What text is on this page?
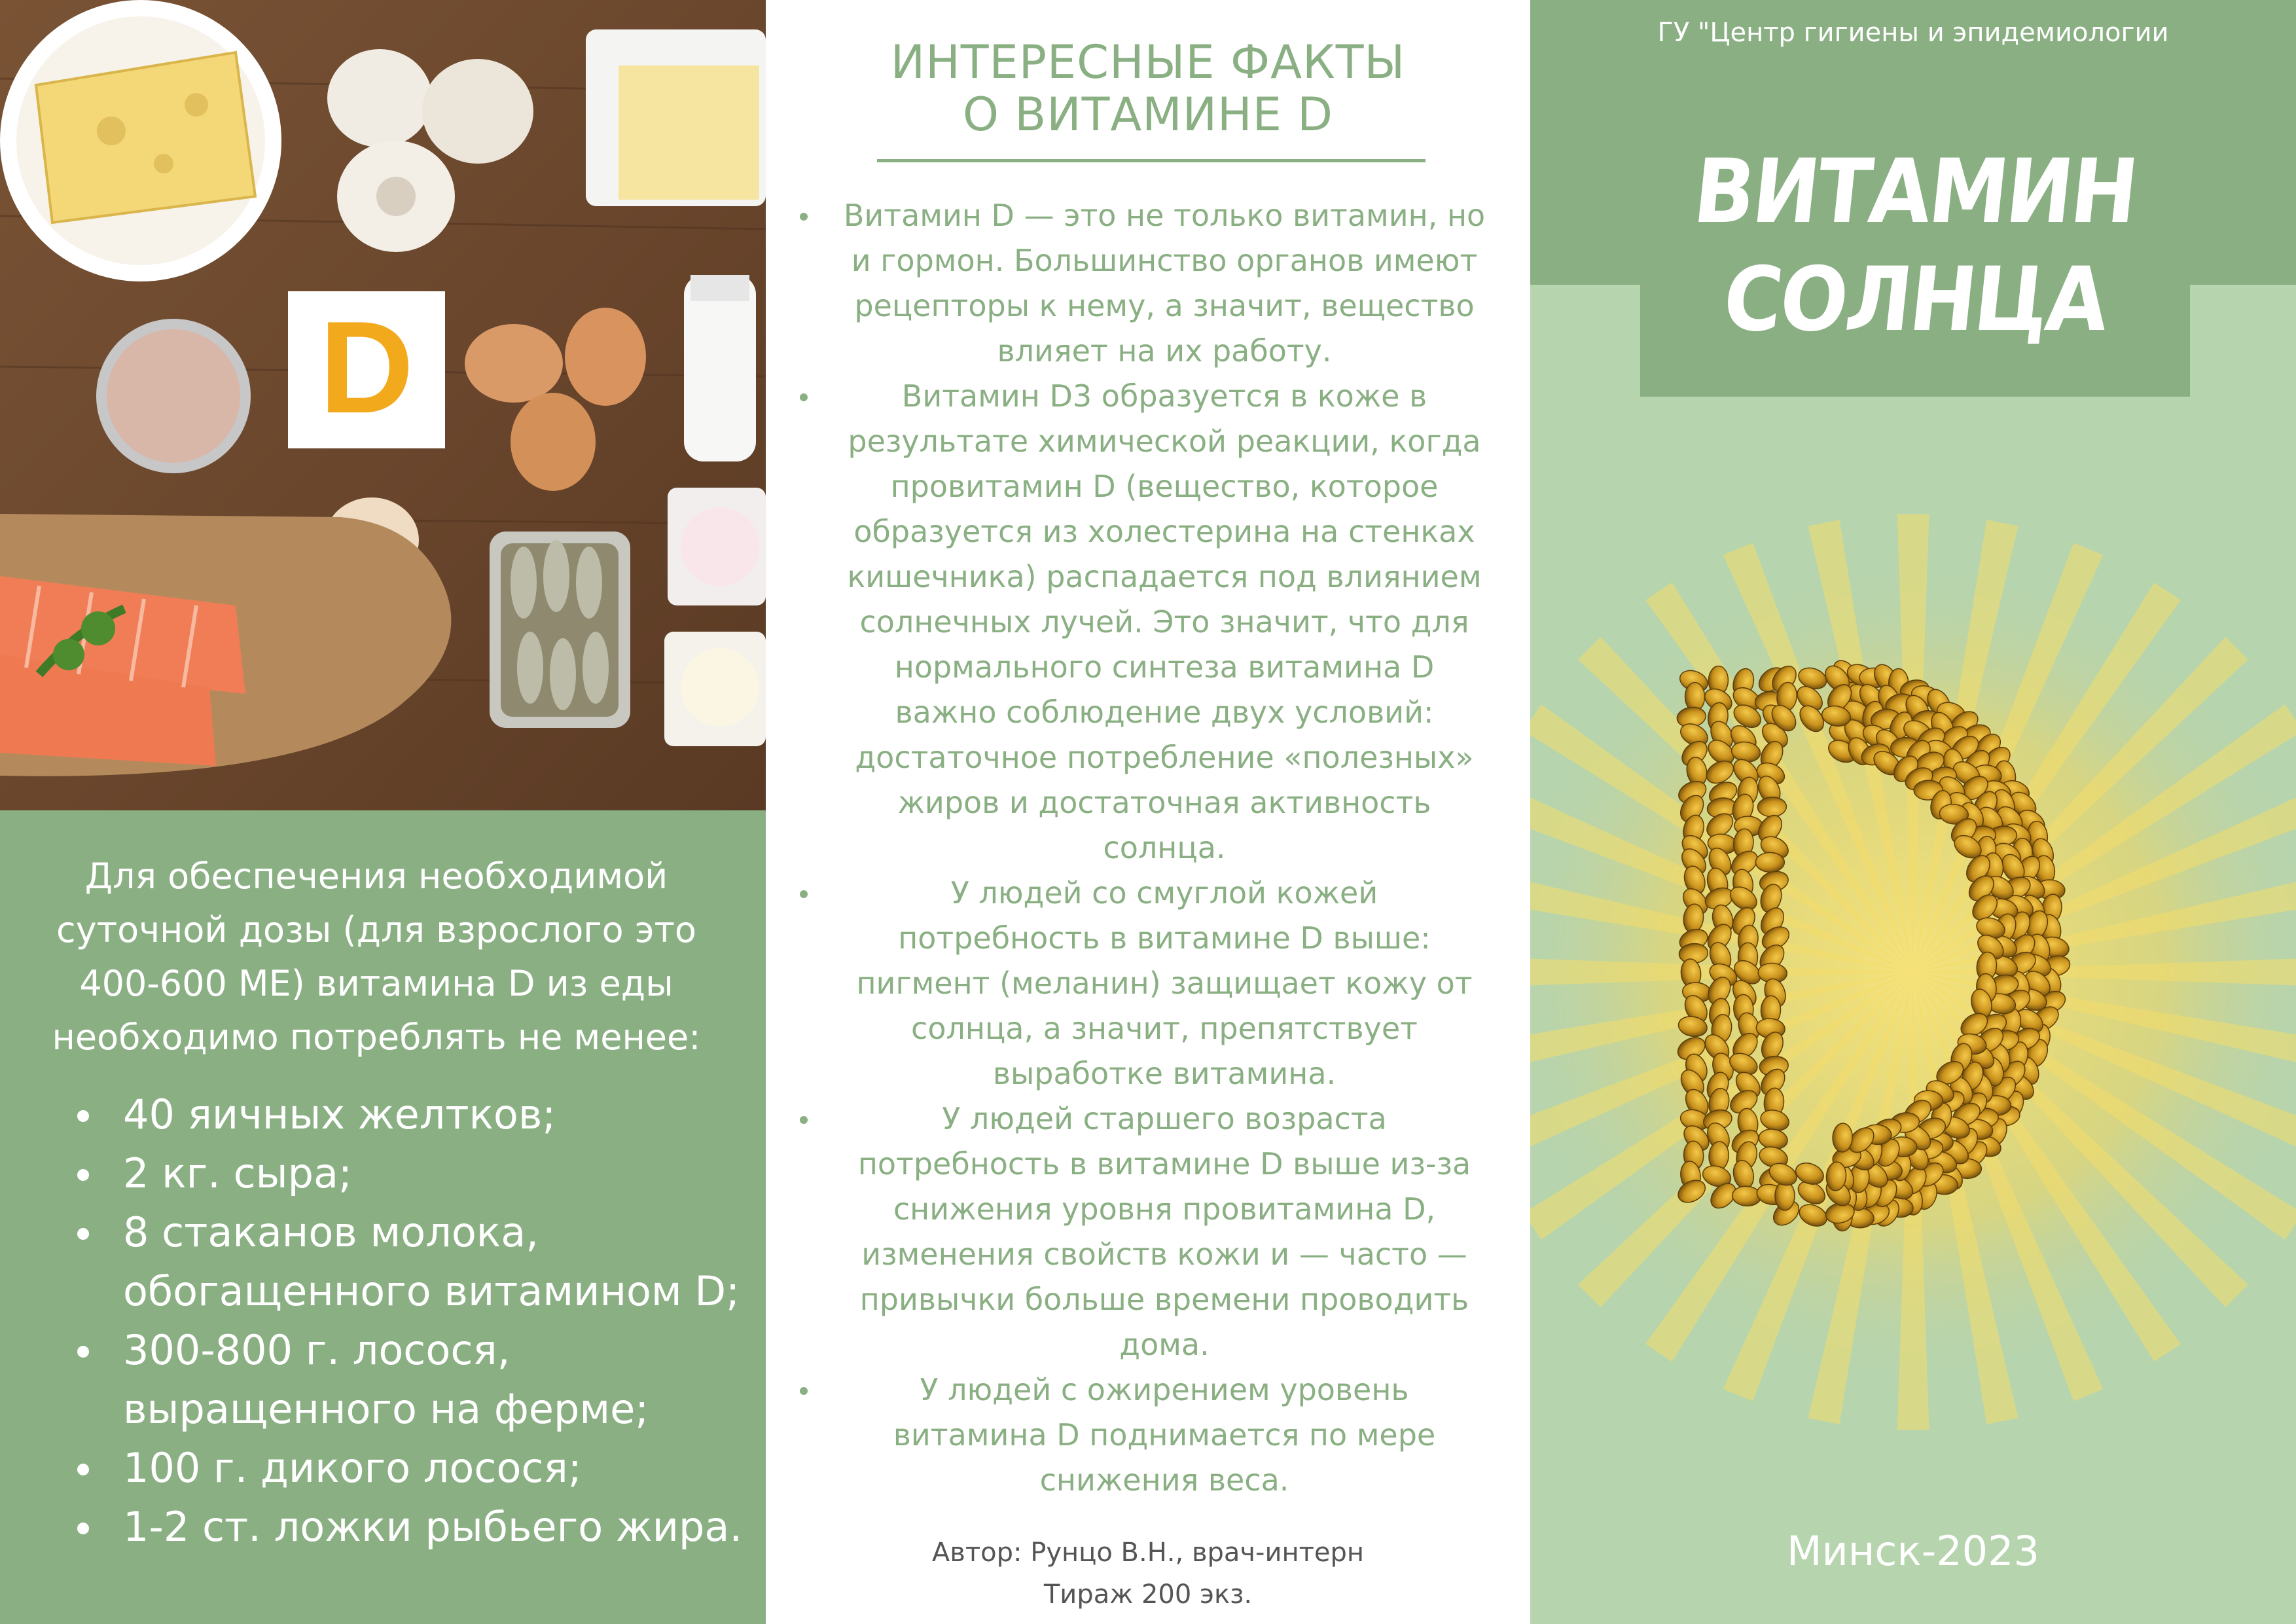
D
Для обеспечения необходимой
суточной дозы (для взрослого это
400-600 МЕ) витамина D из еды
необходимо потреблять не менее:
40 яичных желтков;
2 кг. сыра;
8 стаканов молока,
обогащенного витамином D;
300-800 г. лосося,
выращенного на ферме;
100 г. дикого лосося;
1-2 ст. ложки рыбьего жира.
ИНТЕРЕСНЫЕ ФАКТЫ
О ВИТАМИНЕ D
Витамин D — это не только витамин, но
и гормон. Большинство органов имеют
рецепторы к нему, а значит, вещество
влияет на их работу.
Витамин D3 образуется в коже в
результате химической реакции, когда
провитамин D (вещество, которое
образуется из холестерина на стенках
кишечника) распадается под влиянием
солнечных лучей. Это значит, что для
нормального синтеза витамина D
важно соблюдение двух условий:
достаточное потребление «полезных»
жиров и достаточная активность
солнца.
У людей со смуглой кожей
потребность в витамине D выше:
пигмент (меланин) защищает кожу от
солнца, а значит, препятствует
выработке витамина.
У людей старшего возраста
потребность в витамине D выше из-за
снижения уровня провитамина D,
изменения свойств кожи и — часто —
привычки больше времени проводить
дома.
У людей с ожирением уровень
витамина D поднимается по мере
снижения веса.
Автор: Рунцо В.Н., врач-интерн
Тираж 200 экз.
ГУ "Центр гигиены и эпидемиологии
ВИТАМИН
СОЛНЦА
Минск-2023
